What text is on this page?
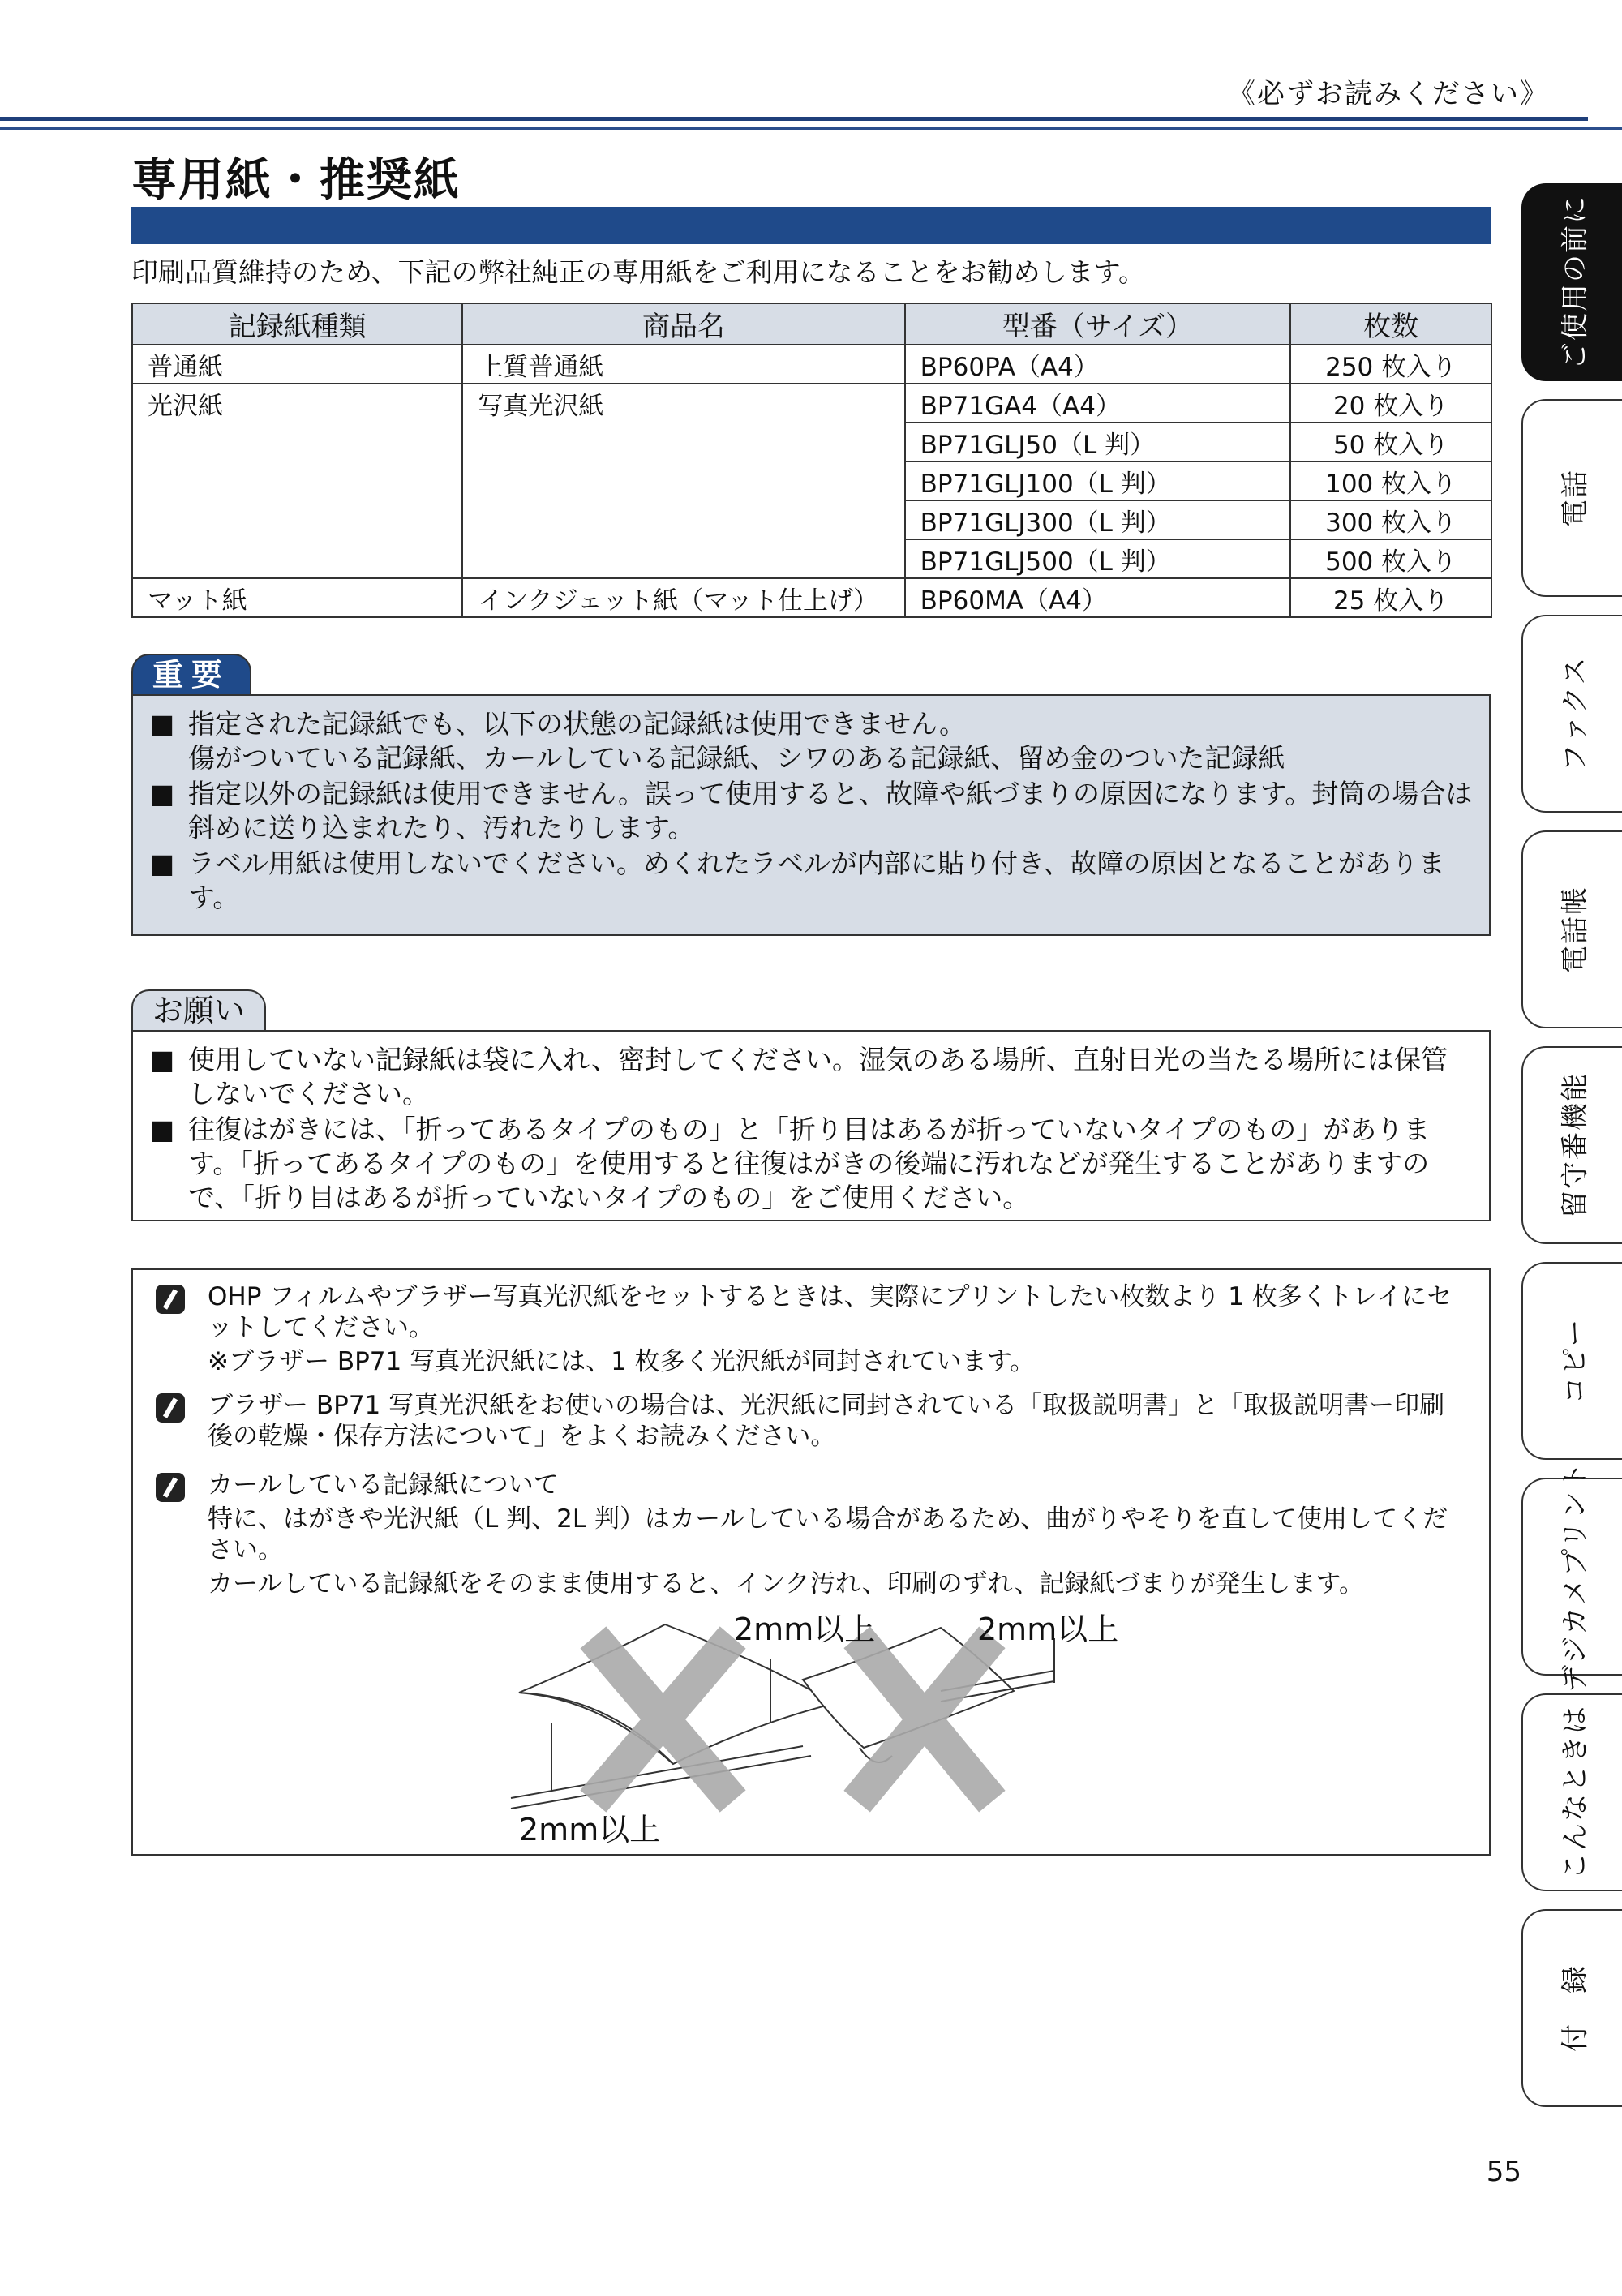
《必ずお読みください》
専用紙・推奨紙
印刷品質維持のため、下記の弊社純正の専用紙をご利用になることをお勧めします。
記録紙種類	商品名	型番（サイズ）	枚数
普通紙	上質普通紙	BP60PA（A4）	250 枚入り
光沢紙	写真光沢紙	BP71GA4（A4）	20 枚入り
		BP71GLJ50（L 判）	50 枚入り
		BP71GLJ100（L 判）	100 枚入り
		BP71GLJ300（L 判）	300 枚入り
		BP71GLJ500（L 判）	500 枚入り
マット紙	インクジェット紙（マット仕上げ）	BP60MA（A4）	25 枚入り
重要
■ 指定された記録紙でも、以下の状態の記録紙は使用できません。
傷がついている記録紙、カールしている記録紙、シワのある記録紙、留め金のついた記録紙
■ 指定以外の記録紙は使用できません。誤って使用すると、故障や紙づまりの原因になります。封筒の場合は斜めに送り込まれたり、汚れたりします。
■ ラベル用紙は使用しないでください。めくれたラベルが内部に貼り付き、故障の原因となることがあります。
お願い
■ 使用していない記録紙は袋に入れ、密封してください。湿気のある場所、直射日光の当たる場所には保管しないでください。
■ 往復はがきには、「折ってあるタイプのもの」と「折り目はあるが折っていないタイプのもの」があります。「折ってあるタイプのもの」を使用すると往復はがきの後端に汚れなどが発生することがありますので、「折り目はあるが折っていないタイプのもの」をご使用ください。
OHP フィルムやブラザー写真光沢紙をセットするときは、実際にプリントしたい枚数より 1 枚多くトレイにセットしてください。
※ブラザー BP71 写真光沢紙には、1 枚多く光沢紙が同封されています。
ブラザー BP71 写真光沢紙をお使いの場合は、光沢紙に同封されている「取扱説明書」と「取扱説明書ー印刷後の乾燥・保存方法について」をよくお読みください。
カールしている記録紙について
特に、はがきや光沢紙（L 判、2L 判）はカールしている場合があるため、曲がりやそりを直して使用してください。
カールしている記録紙をそのまま使用すると、インク汚れ、印刷のずれ、記録紙づまりが発生します。
2mm以上	2mm以上
2mm以上
ご使用の前に
電話
ファクス
電話帳
留守番機能
コピー
デジカメプリント
こんなときは
付　録
55
